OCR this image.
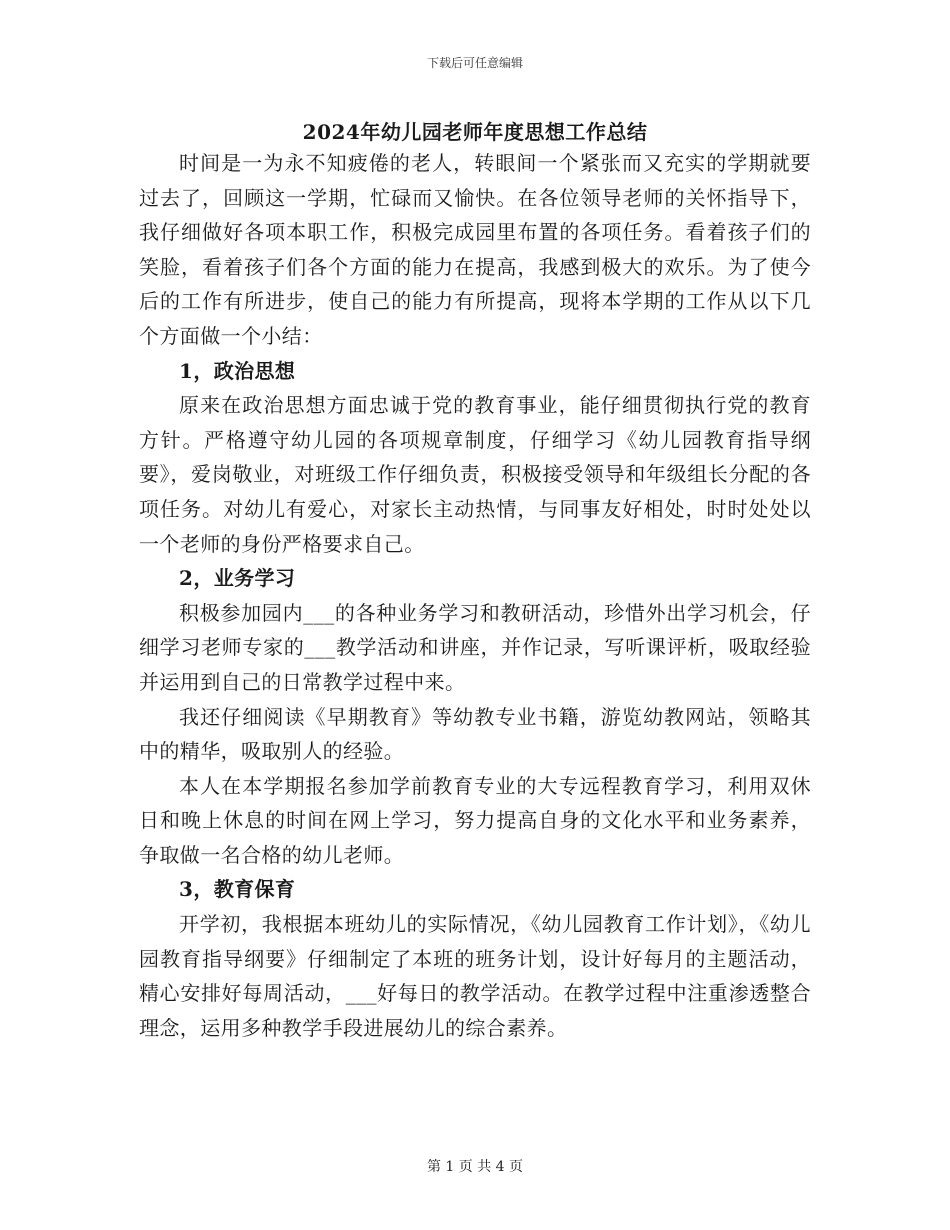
下载后可任意编辑
2024年幼儿园老师年度思想工作总结

时间是一为永不知疲倦的老人，转眼间一个紧张而又充实的学期就要过去了，回顾这一学期，忙碌而又愉快。在各位领导老师的关怀指导下，我仔细做好各项本职工作，积极完成园里布置的各项任务。看着孩子们的笑脸，看着孩子们各个方面的能力在提高，我感到极大的欢乐。为了使今后的工作有所进步，使自己的能力有所提高，现将本学期的工作从以下几个方面做一个小结：

1，政治思想

原来在政治思想方面忠诚于党的教育事业，能仔细贯彻执行党的教育方针。严格遵守幼儿园的各项规章制度，仔细学习《幼儿园教育指导纲要》，爱岗敬业，对班级工作仔细负责，积极接受领导和年级组长分配的各项任务。对幼儿有爱心，对家长主动热情，与同事友好相处，时时处处以一个老师的身份严格要求自己。

2，业务学习

积极参加园内___的各种业务学习和教研活动，珍惜外出学习机会，仔细学习老师专家的___教学活动和讲座，并作记录，写听课评析，吸取经验并运用到自己的日常教学过程中来。

我还仔细阅读《早期教育》等幼教专业书籍，游览幼教网站，领略其中的精华，吸取别人的经验。

本人在本学期报名参加学前教育专业的大专远程教育学习，利用双休日和晚上休息的时间在网上学习，努力提高自身的文化水平和业务素养，争取做一名合格的幼儿老师。

3，教育保育

开学初，我根据本班幼儿的实际情况，《幼儿园教育工作计划》，《幼儿园教育指导纲要》仔细制定了本班的班务计划，设计好每月的主题活动，精心安排好每周活动，___好每日的教学活动。在教学过程中注重渗透整合理念，运用多种教学手段进展幼儿的综合素养。

第 1 页 共 4 页
